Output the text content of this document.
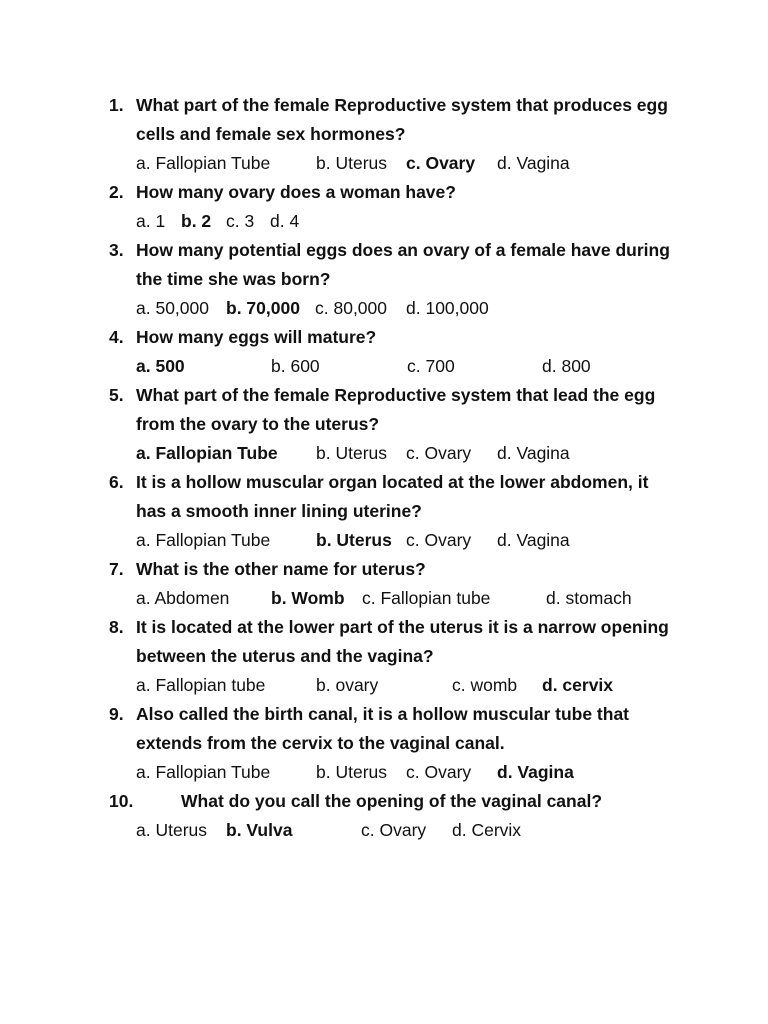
1. What part of the female Reproductive system that produces egg
cells and female sex hormones?
a. Fallopian Tube	b. Uterus c. Ovary d. Vagina
2. How many ovary does a woman have?
a. 1 b. 2 c. 3 d. 4
3. How many potential eggs does an ovary of a female have during
the time she was born?
a. 50,000 b. 70,000 c. 80,000 d. 100,000
4. How many eggs will mature?
a. 500	b. 600	c. 700	d. 800
5. What part of the female Reproductive system that lead the egg
from the ovary to the uterus?
a. Fallopian Tube b. Uterus c. Ovary d. Vagina
6. It is a hollow muscular organ located at the lower abdomen, it
has a smooth inner lining uterine?
a. Fallopian Tube	b. Uterus c. Ovary d. Vagina
7. What is the other name for uterus?
a. Abdomen b. Womb c. Fallopian tube	d. stomach
8. It is located at the lower part of the uterus it is a narrow opening
between the uterus and the vagina?
a. Fallopian tube	b. ovary	c. womb d. cervix
9. Also called the birth canal, it is a hollow muscular tube that
extends from the cervix to the vaginal canal.
a. Fallopian Tube	b. Uterus c. Ovary d. Vagina
10.	What do you call the opening of the vaginal canal?
a. Uterus b. Vulva	c. Ovary d. Cervix
